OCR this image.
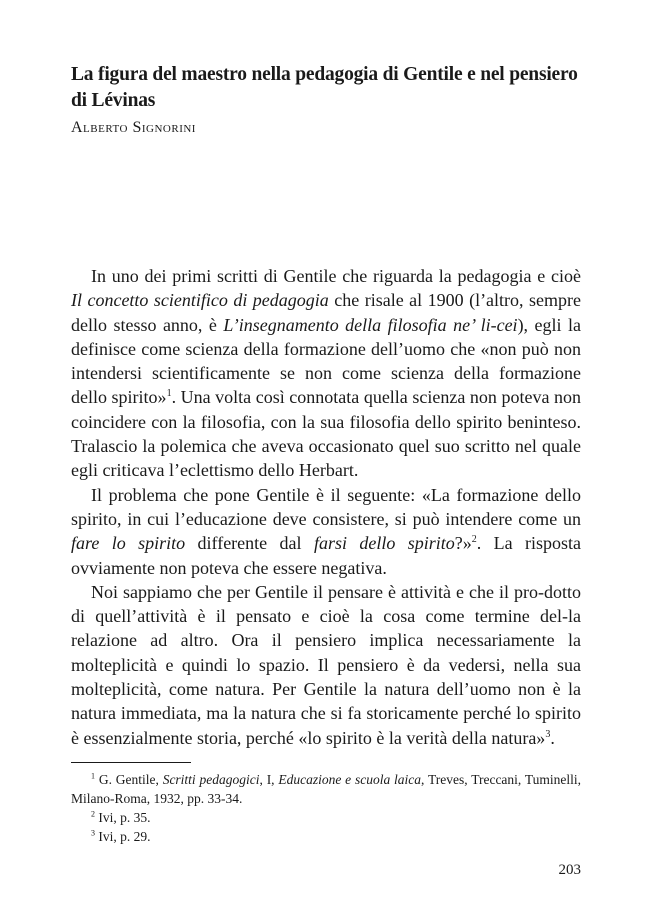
La figura del maestro nella pedagogia di Gentile e nel pensiero di Lévinas
Alberto Signorini

In uno dei primi scritti di Gentile che riguarda la pedagogia e cioè Il concetto scientifico di pedagogia che risale al 1900 (l’altro, sempre dello stesso anno, è L’insegnamento della filosofia ne’ li-cei), egli la definisce come scienza della formazione dell’uomo che «non può non intendersi scientificamente se non come scienza della formazione dello spirito»$^1$. Una volta così connotata quella scienza non poteva non coincidere con la filosofia, con la sua filosofia dello spirito beninteso. Tralascio la polemica che aveva occasionato quel suo scritto nel quale egli criticava l’eclettismo dello Herbart.

Il problema che pone Gentile è il seguente: «La formazione dello spirito, in cui l’educazione deve consistere, si può intendere come un fare lo spirito differente dal farsi dello spirito?»$^2$. La risposta ovviamente non poteva che essere negativa.

Noi sappiamo che per Gentile il pensare è attività e che il pro-dotto di quell’attività è il pensato e cioè la cosa come termine del-la relazione ad altro. Ora il pensiero implica necessariamente la molteplicità e quindi lo spazio. Il pensiero è da vedersi, nella sua molteplicità, come natura. Per Gentile la natura dell’uomo non è la natura immediata, ma la natura che si fa storicamente perché lo spirito è essenzialmente storia, perché «lo spirito è la verità della natura»$^3$.

$^1$ G. Gentile, Scritti pedagogici, I, Educazione e scuola laica, Treves, Treccani, Tuminelli, Milano-Roma, 1932, pp. 33-34.

$^2$ Ivi, p. 35.

$^3$ Ivi, p. 29.

203
